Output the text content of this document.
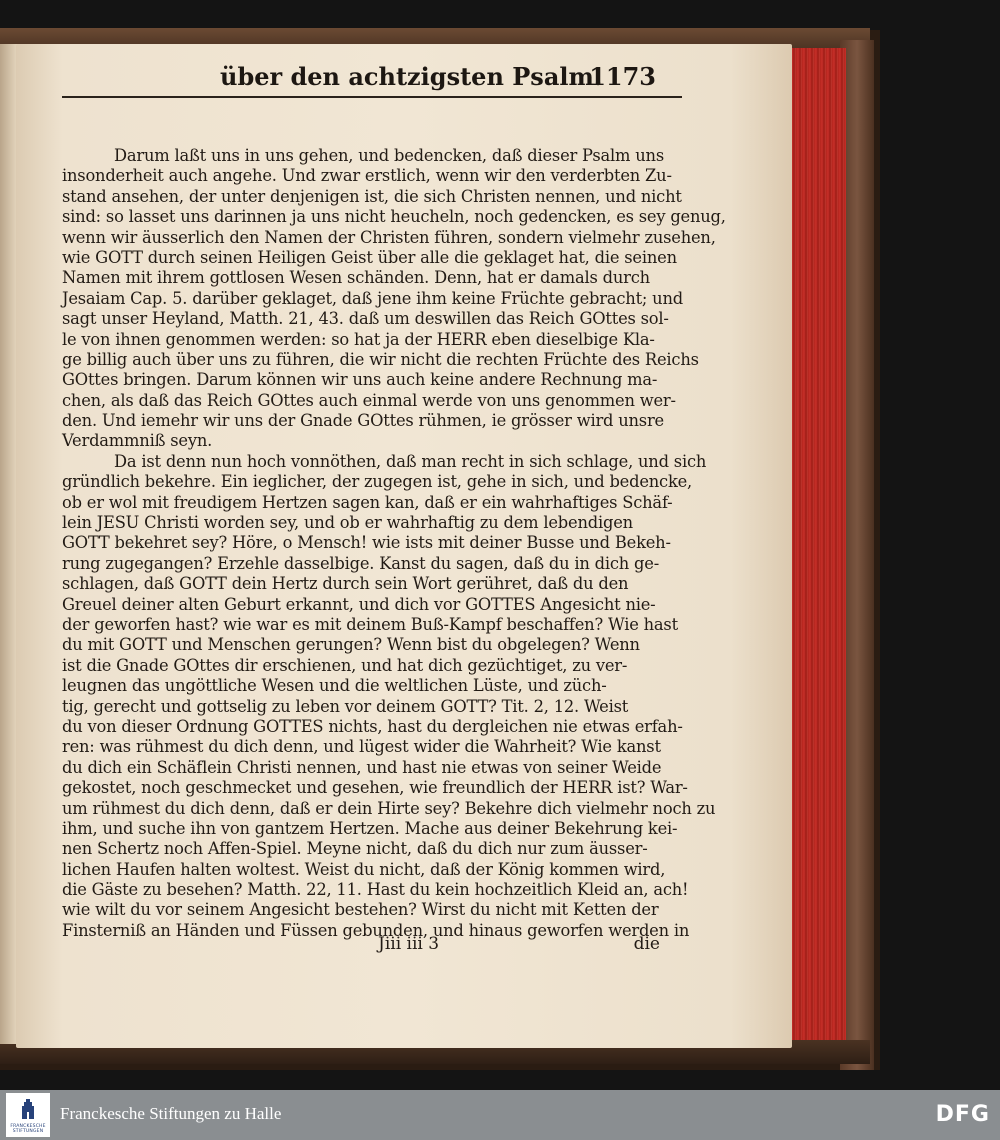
über den achtzigsten Psalm.
1173
Darum laßt uns in uns gehen, und bedencken, daß dieser Psalm uns
insonderheit auch angehe. Und zwar erstlich, wenn wir den verderbten Zu-
stand ansehen, der unter denjenigen ist, die sich Christen nennen, und nicht
sind: so lasset uns darinnen ja uns nicht heucheln, noch gedencken, es sey genug,
wenn wir äusserlich den Namen der Christen führen, sondern vielmehr zusehen,
wie GOTT durch seinen Heiligen Geist über alle die geklaget hat, die seinen
Namen mit ihrem gottlosen Wesen schänden. Denn, hat er damals durch
Jesaiam Cap. 5. darüber geklaget, daß jene ihm keine Früchte gebracht; und
sagt unser Heyland, Matth. 21, 43. daß um deswillen das Reich GOttes sol-
le von ihnen genommen werden: so hat ja der HERR eben dieselbige Kla-
ge billig auch über uns zu führen, die wir nicht die rechten Früchte des Reichs
GOttes bringen. Darum können wir uns auch keine andere Rechnung ma-
chen, als daß das Reich GOttes auch einmal werde von uns genommen wer-
den. Und iemehr wir uns der Gnade GOttes rühmen, ie grösser wird unsre
Verdammniß seyn.
Da ist denn nun hoch vonnöthen, daß man recht in sich schlage, und sich
gründlich bekehre. Ein ieglicher, der zugegen ist, gehe in sich, und bedencke,
ob er wol mit freudigem Hertzen sagen kan, daß er ein wahrhaftiges Schäf-
lein JESU Christi worden sey, und ob er wahrhaftig zu dem lebendigen
GOTT bekehret sey? Höre, o Mensch! wie ists mit deiner Busse und Bekeh-
rung zugegangen? Erzehle dasselbige. Kanst du sagen, daß du in dich ge-
schlagen, daß GOTT dein Hertz durch sein Wort gerühret, daß du den
Greuel deiner alten Geburt erkannt, und dich vor GOTTES Angesicht nie-
der geworfen hast? wie war es mit deinem Buß-Kampf beschaffen? Wie hast
du mit GOTT und Menschen gerungen? Wenn bist du obgelegen? Wenn
ist die Gnade GOttes dir erschienen, und hat dich gezüchtiget, zu ver-
leugnen das ungöttliche Wesen und die weltlichen Lüste, und züch-
tig, gerecht und gottselig zu leben vor deinem GOTT? Tit. 2, 12. Weist
du von dieser Ordnung GOTTES nichts, hast du dergleichen nie etwas erfah-
ren: was rühmest du dich denn, und lügest wider die Wahrheit? Wie kanst
du dich ein Schäflein Christi nennen, und hast nie etwas von seiner Weide
gekostet, noch geschmecket und gesehen, wie freundlich der HERR ist? War-
um rühmest du dich denn, daß er dein Hirte sey? Bekehre dich vielmehr noch zu
ihm, und suche ihn von gantzem Hertzen. Mache aus deiner Bekehrung kei-
nen Schertz noch Affen-Spiel. Meyne nicht, daß du dich nur zum äusser-
lichen Haufen halten woltest. Weist du nicht, daß der König kommen wird,
die Gäste zu besehen? Matth. 22, 11. Hast du kein hochzeitlich Kleid an, ach!
wie wilt du vor seinem Angesicht bestehen? Wirst du nicht mit Ketten der
Finsterniß an Händen und Füssen gebunden, und hinaus geworfen werden in
Jiii iii 3	die
FRANCKESCHE
STIFTUNGEN
Franckesche Stiftungen zu Halle	DFG
